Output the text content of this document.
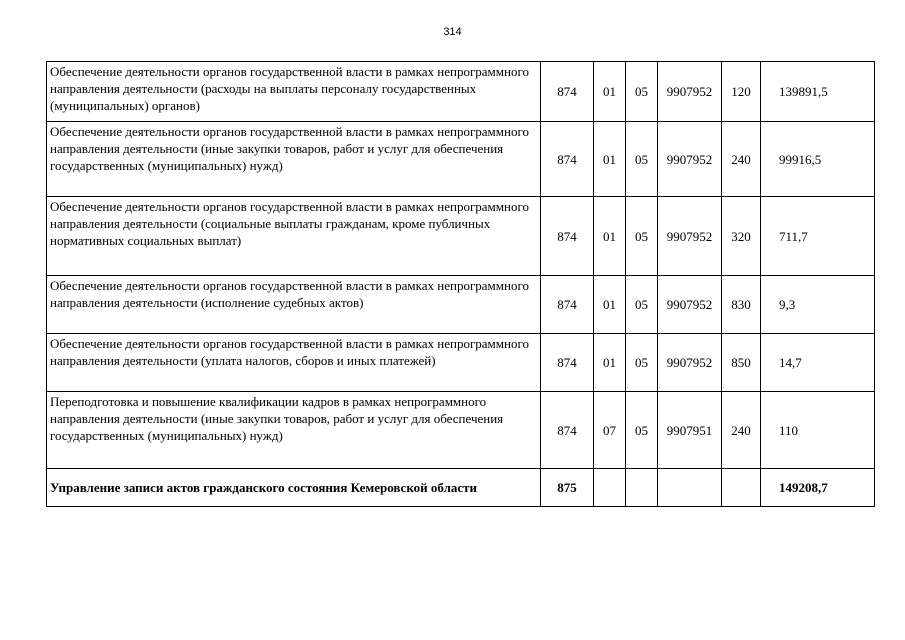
314
Обеспечение деятельности органов государственной власти в рамках непрограммного направления деятельности (расходы на выплаты персоналу государственных (муниципальных) органов)	874	01	05	9907952	120	139891,5
Обеспечение деятельности органов государственной власти в рамках непрограммного направления деятельности (иные закупки товаров, работ и услуг для обеспечения государственных (муниципальных) нужд)	874	01	05	9907952	240	99916,5
Обеспечение деятельности органов государственной власти в рамках непрограммного направления деятельности (социальные выплаты гражданам, кроме публичных нормативных социальных выплат)	874	01	05	9907952	320	711,7
Обеспечение деятельности органов государственной власти в рамках непрограммного направления деятельности (исполнение судебных актов)	874	01	05	9907952	830	9,3
Обеспечение деятельности органов государственной власти в рамках непрограммного направления деятельности (уплата налогов, сборов и иных платежей)	874	01	05	9907952	850	14,7
Переподготовка и повышение квалификации кадров в рамках непрограммного направления деятельности (иные закупки товаров, работ и услуг для обеспечения государственных (муниципальных) нужд)	874	07	05	9907951	240	110
Управление записи актов гражданского состояния Кемеровской области	875					149208,7
